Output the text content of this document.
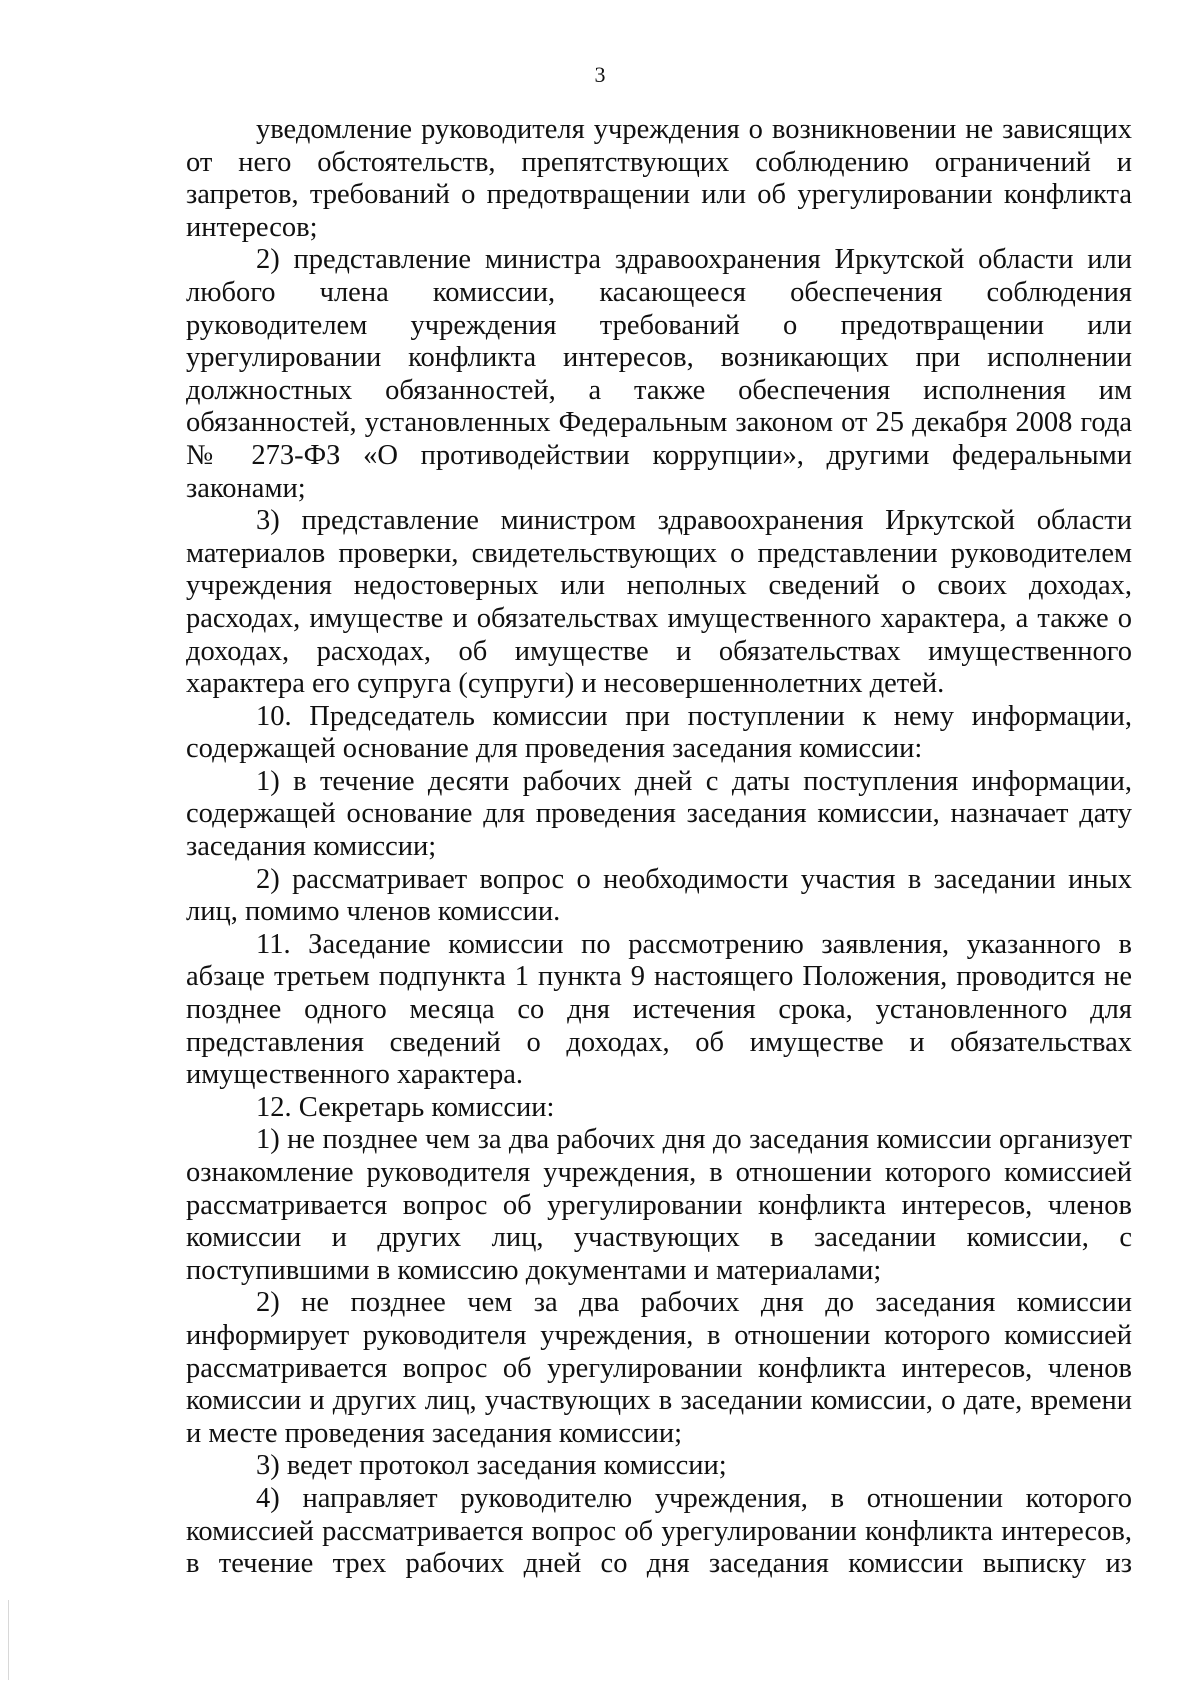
3

уведомление руководителя учреждения о возникновении не зависящих от него обстоятельств, препятствующих соблюдению ограничений и запретов, требований о предотвращении или об урегулировании конфликта интересов;

2) представление министра здравоохранения Иркутской области или любого члена комиссии, касающееся обеспечения соблюдения руководителем учреждения требований о предотвращении или урегулировании конфликта интересов, возникающих при исполнении должностных обязанностей, а также обеспечения исполнения им обязанностей, установленных Федеральным законом от 25 декабря 2008 года № 273-ФЗ «О противодействии коррупции», другими федеральными законами;

3) представление министром здравоохранения Иркутской области материалов проверки, свидетельствующих о представлении руководителем учреждения недостоверных или неполных сведений о своих доходах, расходах, имуществе и обязательствах имущественного характера, а также о доходах, расходах, об имуществе и обязательствах имущественного характера его супруга (супруги) и несовершеннолетних детей.

10. Председатель комиссии при поступлении к нему информации, содержащей основание для проведения заседания комиссии:

1) в течение десяти рабочих дней с даты поступления информации, содержащей основание для проведения заседания комиссии, назначает дату заседания комиссии;

2) рассматривает вопрос о необходимости участия в заседании иных лиц, помимо членов комиссии.

11. Заседание комиссии по рассмотрению заявления, указанного в абзаце третьем подпункта 1 пункта 9 настоящего Положения, проводится не позднее одного месяца со дня истечения срока, установленного для представления сведений о доходах, об имуществе и обязательствах имущественного характера.

12. Секретарь комиссии:

1) не позднее чем за два рабочих дня до заседания комиссии организует ознакомление руководителя учреждения, в отношении которого комиссией рассматривается вопрос об урегулировании конфликта интересов, членов комиссии и других лиц, участвующих в заседании комиссии, с поступившими в комиссию документами и материалами;

2) не позднее чем за два рабочих дня до заседания комиссии информирует руководителя учреждения, в отношении которого комиссией рассматривается вопрос об урегулировании конфликта интересов, членов комиссии и других лиц, участвующих в заседании комиссии, о дате, времени и месте проведения заседания комиссии;

3) ведет протокол заседания комиссии;

4) направляет руководителю учреждения, в отношении которого комиссией рассматривается вопрос об урегулировании конфликта интересов, в течение трех рабочих дней со дня заседания комиссии выписку из
